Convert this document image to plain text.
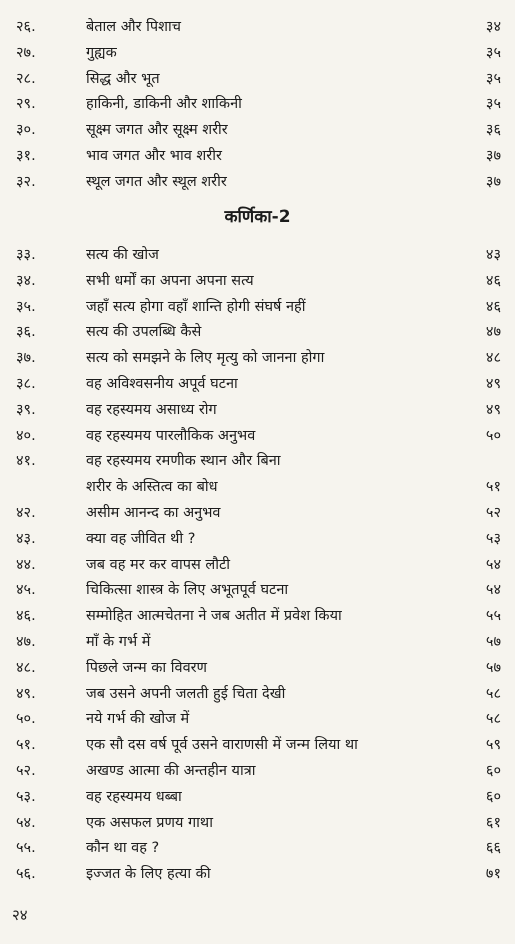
२६.	बेताल और पिशाच	३४
२७.	गुह्यक	३५
२८.	सिद्ध और भूत	३५
२९.	हाकिनी, डाकिनी और शाकिनी	३५
३०.	सूक्ष्म जगत और सूक्ष्म शरीर	३६
३१.	भाव जगत और भाव शरीर	३७
३२.	स्थूल जगत और स्थूल शरीर	३७
कर्णिका-2
३३.	सत्य की खोज	४३
३४.	सभी धर्मों का अपना अपना सत्य	४६
३५.	जहाँ सत्य होगा वहाँ शान्ति होगी संघर्ष नहीं	४६
३६.	सत्य की उपलब्धि कैसे	४७
३७.	सत्य को समझने के लिए मृत्यु को जानना होगा	४८
३८.	वह अविश्वसनीय अपूर्व घटना	४९
३९.	वह रहस्यमय असाध्य रोग	४९
४०.	वह रहस्यमय पारलौकिक अनुभव	५०
४१.	वह रहस्यमय रमणीक स्थान और बिना
शरीर के अस्तित्व का बोध	५१
४२.	असीम आनन्द का अनुभव	५२
४३.	क्या वह जीवित थी ?	५३
४४.	जब वह मर कर वापस लौटी	५४
४५.	चिकित्सा शास्त्र के लिए अभूतपूर्व घटना	५४
४६.	सम्मोहित आत्मचेतना ने जब अतीत में प्रवेश किया	५५
४७.	माँ के गर्भ में	५७
४८.	पिछले जन्म का विवरण	५७
४९.	जब उसने अपनी जलती हुई चिता देखी	५८
५०.	नये गर्भ की खोज में	५८
५१.	एक सौ दस वर्ष पूर्व उसने वाराणसी में जन्म लिया था	५९
५२.	अखण्ड आत्मा की अन्तहीन यात्रा	६०
५३.	वह रहस्यमय धब्बा	६०
५४.	एक असफल प्रणय गाथा	६१
५५.	कौन था वह ?	६६
५६.	इज्जत के लिए हत्या की	७१
२४
